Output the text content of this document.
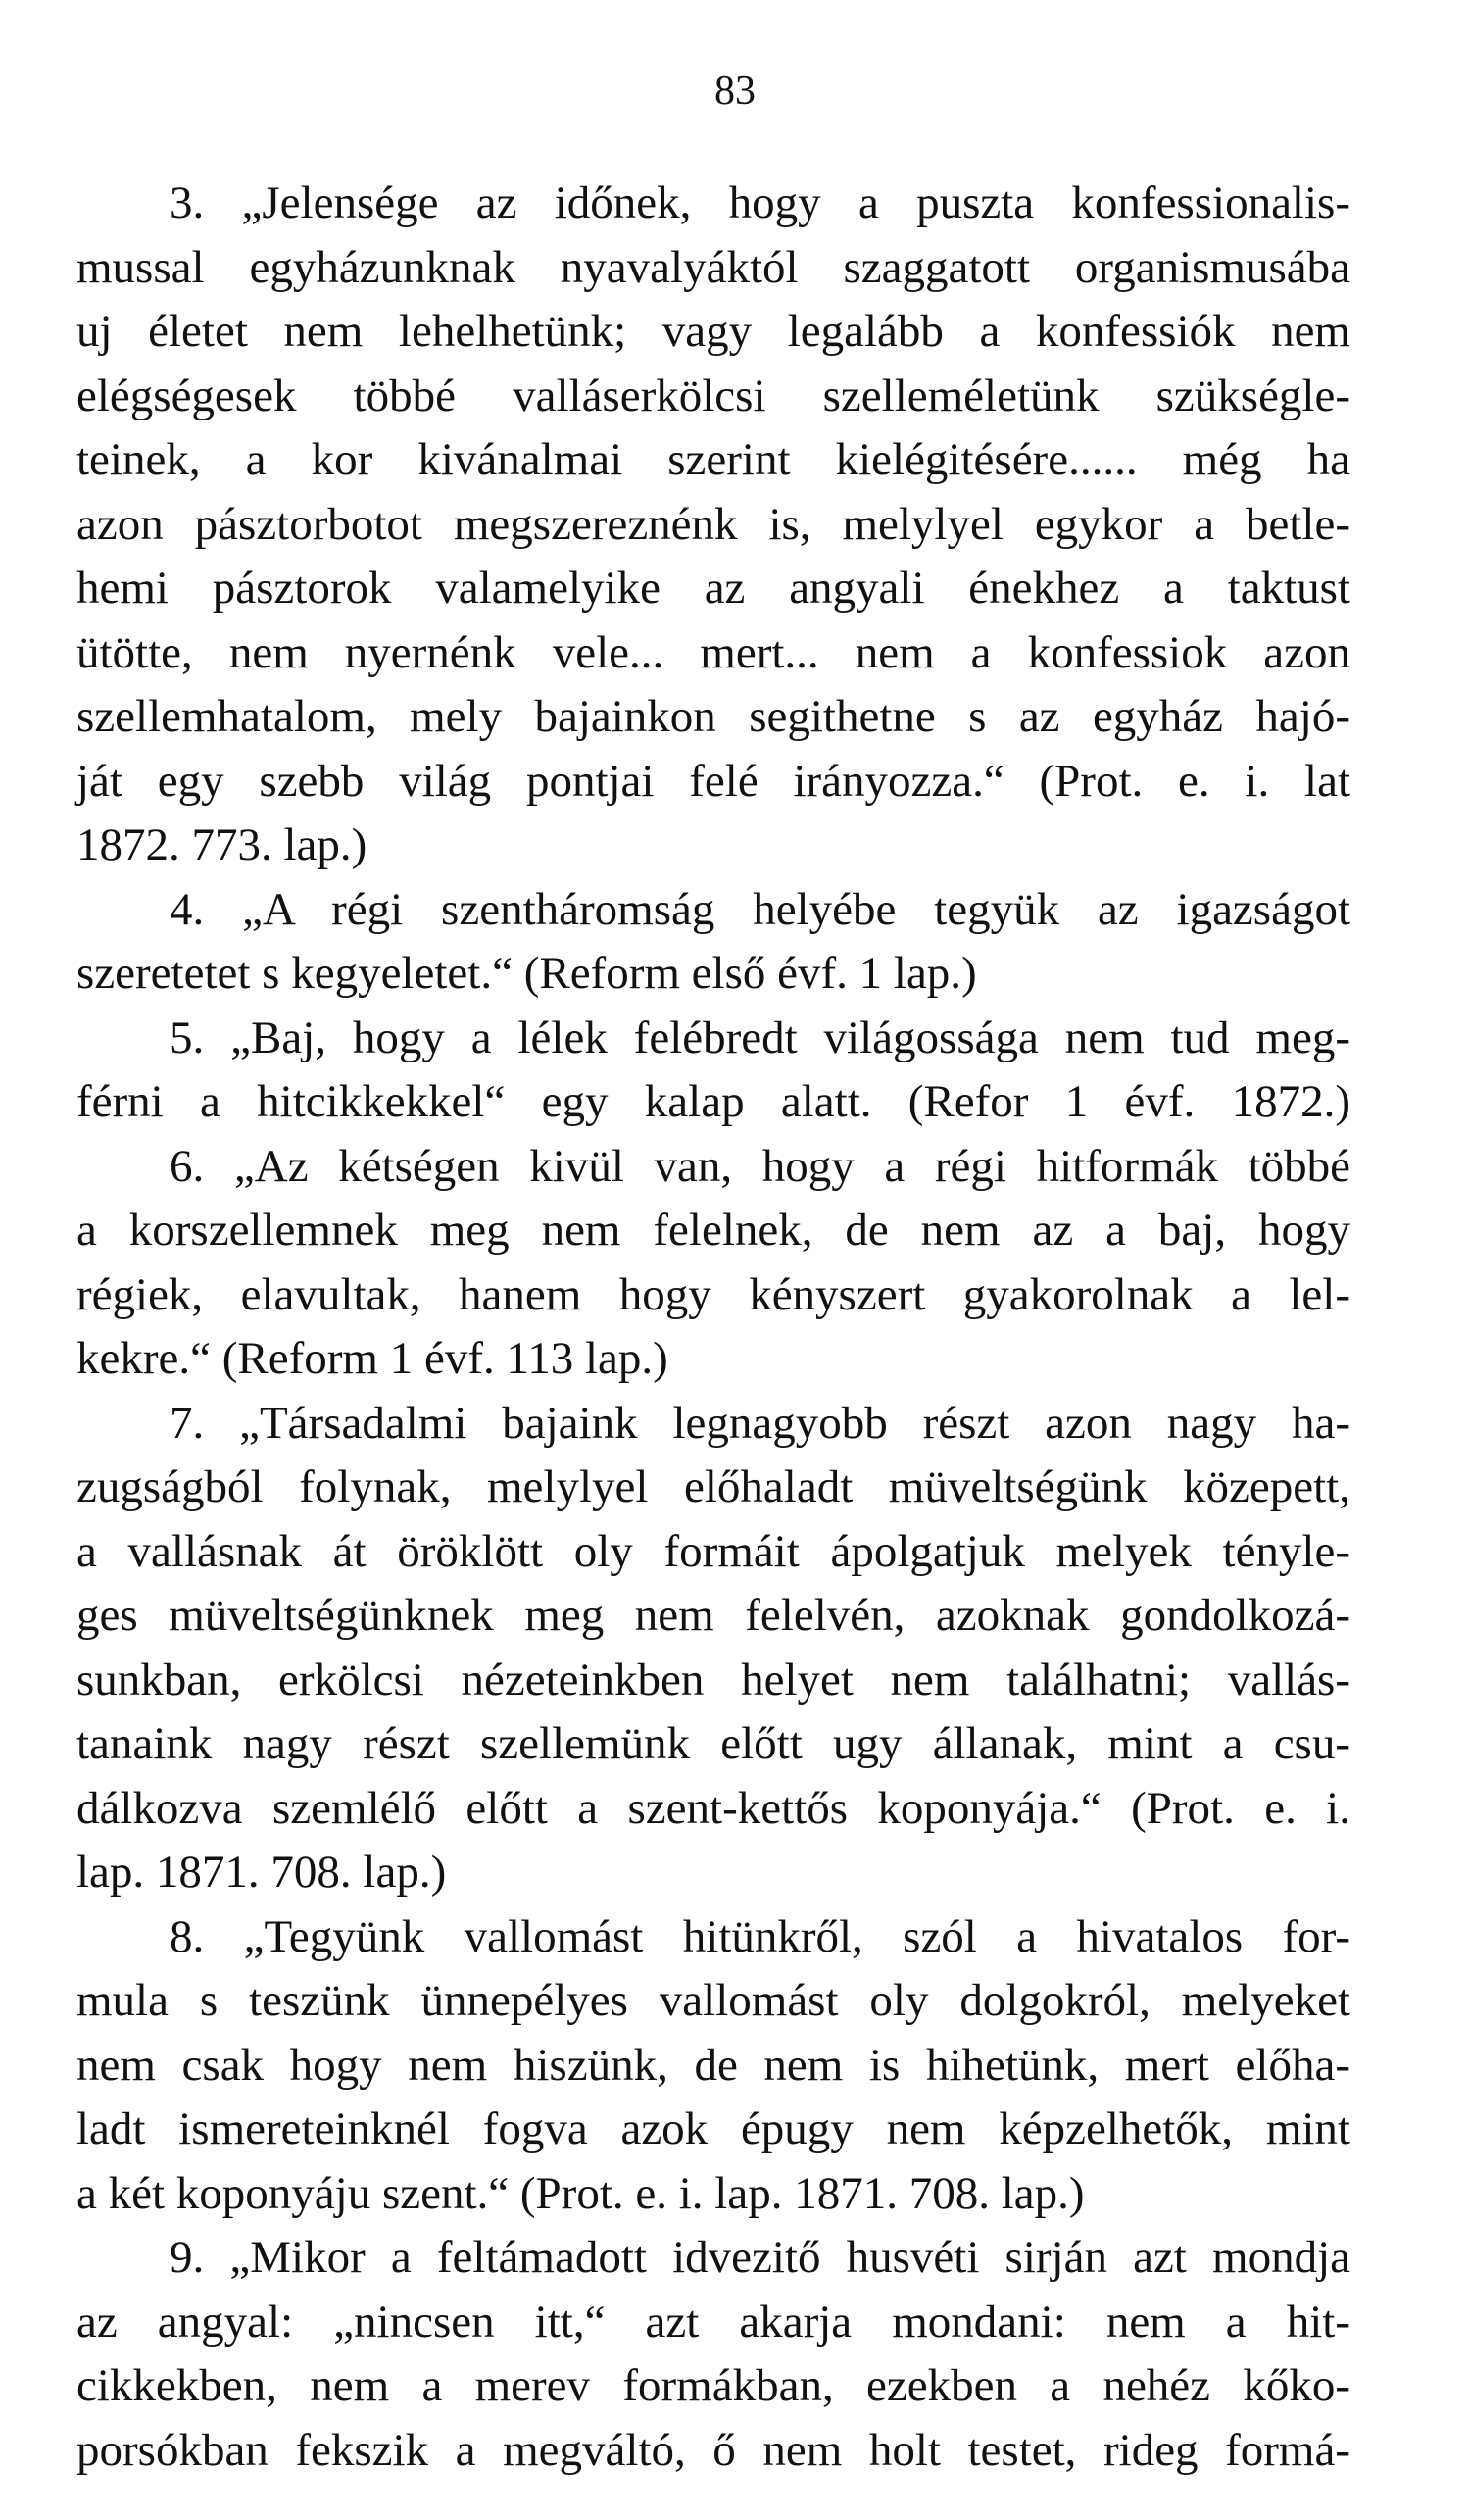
83
3. „Jelensége az időnek, hogy a puszta konfessionalis-
mussal egyházunknak nyavalyáktól szaggatott organismusába
uj életet nem lehelhetünk; vagy legalább a konfessiók nem
elégségesek többé valláserkölcsi szelleméletünk szükségle-
teinek, a kor kivánalmai szerint kielégitésére...... még ha
azon pásztorbotot megszereznénk is, melylyel egykor a betle-
hemi pásztorok valamelyike az angyali énekhez a taktust
ütötte, nem nyernénk vele... mert... nem a konfessiok azon
szellemhatalom, mely bajainkon segithetne s az egyház hajó-
ját egy szebb világ pontjai felé irányozza.“ (Prot. e. i. lat
1872. 773. lap.)
4. „A régi szentháromság helyébe tegyük az igazságot
szeretetet s kegyeletet.“ (Reform első évf. 1 lap.)
5. „Baj, hogy a lélek felébredt világossága nem tud meg-
férni a hitcikkekkel“ egy kalap alatt. (Refor 1 évf. 1872.)
6. „Az kétségen kivül van, hogy a régi hitformák többé
a korszellemnek meg nem felelnek, de nem az a baj, hogy
régiek, elavultak, hanem hogy kényszert gyakorolnak a lel-
kekre.“ (Reform 1 évf. 113 lap.)
7. „Társadalmi bajaink legnagyobb részt azon nagy ha-
zugságból folynak, melylyel előhaladt müveltségünk közepett,
a vallásnak át öröklött oly formáit ápolgatjuk melyek tényle-
ges müveltségünknek meg nem felelvén, azoknak gondolkozá-
sunkban, erkölcsi nézeteinkben helyet nem találhatni; vallás-
tanaink nagy részt szellemünk előtt ugy állanak, mint a csu-
dálkozva szemlélő előtt a szent-kettős koponyája.“ (Prot. e. i.
lap. 1871. 708. lap.)
8. „Tegyünk vallomást hitünkről, szól a hivatalos for-
mula s teszünk ünnepélyes vallomást oly dolgokról, melyeket
nem csak hogy nem hiszünk, de nem is hihetünk, mert előha-
ladt ismereteinknél fogva azok épugy nem képzelhetők, mint
a két koponyáju szent.“ (Prot. e. i. lap. 1871. 708. lap.)
9. „Mikor a feltámadott idvezitő husvéti sirján azt mondja
az angyal: „nincsen itt,“ azt akarja mondani: nem a hit-
cikkekben, nem a merev formákban, ezekben a nehéz kőko-
porsókban fekszik a megváltó, ő nem holt testet, rideg formá-
